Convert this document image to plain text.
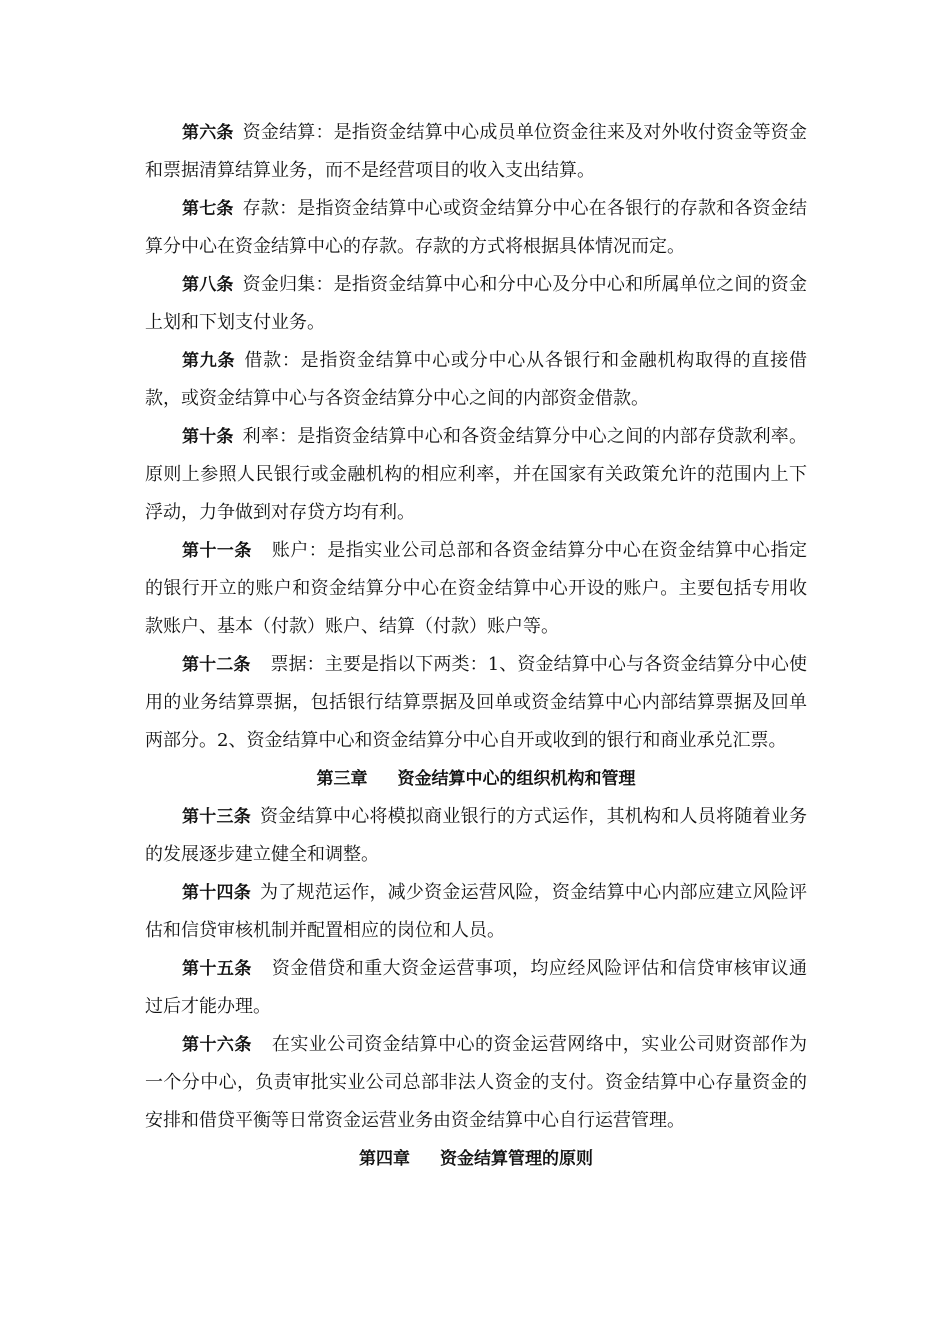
第六条 资金结算：是指资金结算中心成员单位资金往来及对外收付资金等资金和票据清算结算业务，而不是经营项目的收入支出结算。

第七条 存款：是指资金结算中心或资金结算分中心在各银行的存款和各资金结算分中心在资金结算中心的存款。存款的方式将根据具体情况而定。

第八条 资金归集：是指资金结算中心和分中心及分中心和所属单位之间的资金上划和下划支付业务。

第九条 借款：是指资金结算中心或分中心从各银行和金融机构取得的直接借款，或资金结算中心与各资金结算分中心之间的内部资金借款。

第十条 利率：是指资金结算中心和各资金结算分中心之间的内部存贷款利率。原则上参照人民银行或金融机构的相应利率，并在国家有关政策允许的范围内上下浮动，力争做到对存贷方均有利。

第十一条 账户：是指实业公司总部和各资金结算分中心在资金结算中心指定的银行开立的账户和资金结算分中心在资金结算中心开设的账户。主要包括专用收款账户、基本（付款）账户、结算（付款）账户等。

第十二条 票据：主要是指以下两类：1、资金结算中心与各资金结算分中心使用的业务结算票据，包括银行结算票据及回单或资金结算中心内部结算票据及回单两部分。2、资金结算中心和资金结算分中心自开或收到的银行和商业承兑汇票。

第三章 资金结算中心的组织机构和管理

第十三条 资金结算中心将模拟商业银行的方式运作，其机构和人员将随着业务的发展逐步建立健全和调整。

第十四条 为了规范运作，减少资金运营风险，资金结算中心内部应建立风险评估和信贷审核机制并配置相应的岗位和人员。

第十五条 资金借贷和重大资金运营事项，均应经风险评估和信贷审核审议通过后才能办理。

第十六条 在实业公司资金结算中心的资金运营网络中，实业公司财资部作为一个分中心，负责审批实业公司总部非法人资金的支付。资金结算中心存量资金的安排和借贷平衡等日常资金运营业务由资金结算中心自行运营管理。

第四章 资金结算管理的原则
